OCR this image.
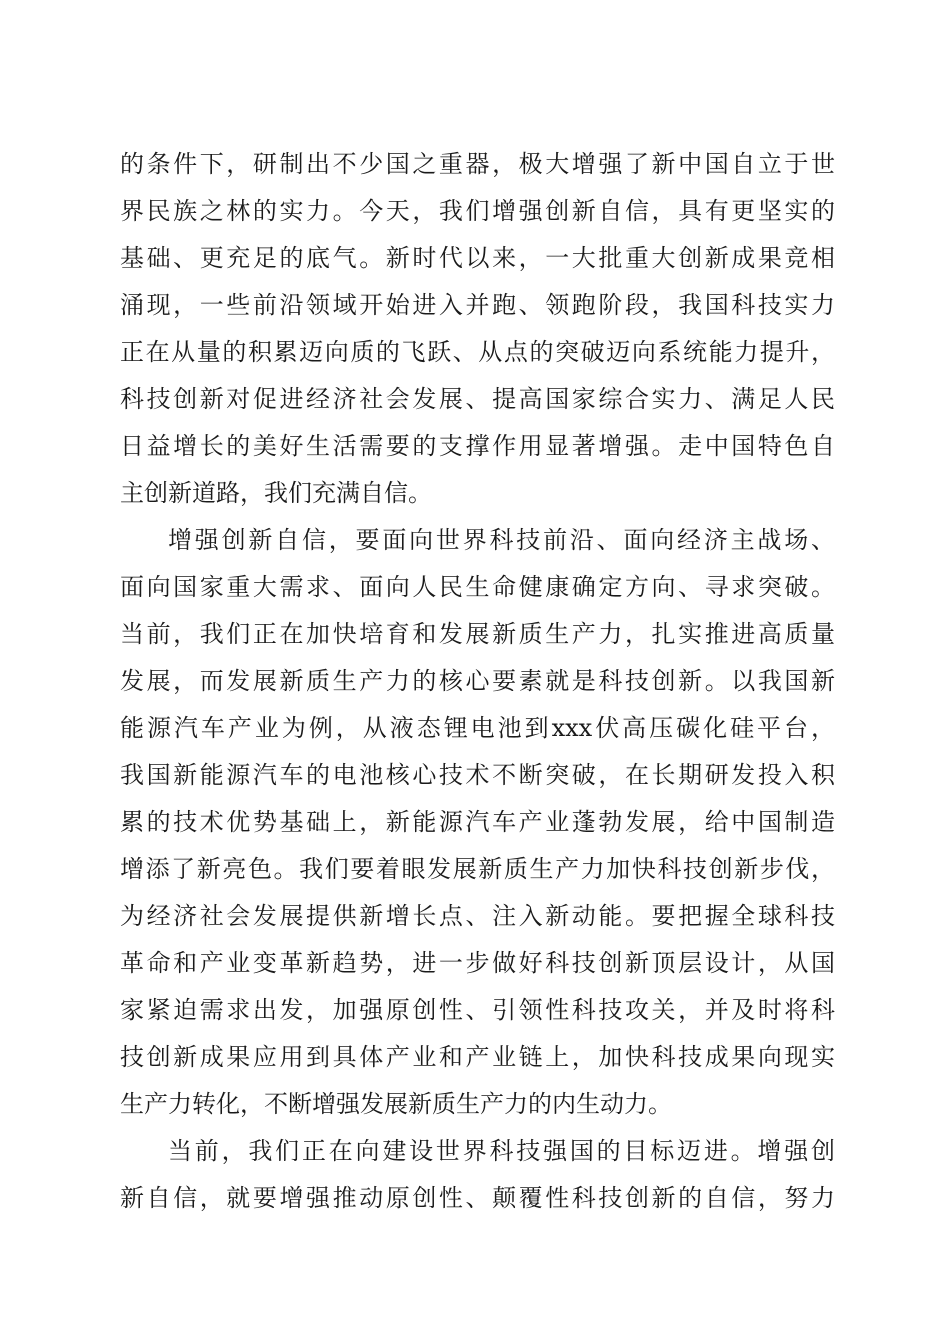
的条件下，研制出不少国之重器，极大增强了新中国自立于世
界民族之林的实力。今天，我们增强创新自信，具有更坚实的
基础、更充足的底气。新时代以来，一大批重大创新成果竞相
涌现，一些前沿领域开始进入并跑、领跑阶段，我国科技实力
正在从量的积累迈向质的飞跃、从点的突破迈向系统能力提升，
科技创新对促进经济社会发展、提高国家综合实力、满足人民
日益增长的美好生活需要的支撑作用显著增强。走中国特色自
主创新道路，我们充满自信。
增强创新自信，要面向世界科技前沿、面向经济主战场、
面向国家重大需求、面向人民生命健康确定方向、寻求突破。
当前，我们正在加快培育和发展新质生产力，扎实推进高质量
发展，而发展新质生产力的核心要素就是科技创新。以我国新
能源汽车产业为例，从液态锂电池到xxx伏高压碳化硅平台，
我国新能源汽车的电池核心技术不断突破，在长期研发投入积
累的技术优势基础上，新能源汽车产业蓬勃发展，给中国制造
增添了新亮色。我们要着眼发展新质生产力加快科技创新步伐，
为经济社会发展提供新增长点、注入新动能。要把握全球科技
革命和产业变革新趋势，进一步做好科技创新顶层设计，从国
家紧迫需求出发，加强原创性、引领性科技攻关，并及时将科
技创新成果应用到具体产业和产业链上，加快科技成果向现实
生产力转化，不断增强发展新质生产力的内生动力。
当前，我们正在向建设世界科技强国的目标迈进。增强创
新自信，就要增强推动原创性、颠覆性科技创新的自信，努力
